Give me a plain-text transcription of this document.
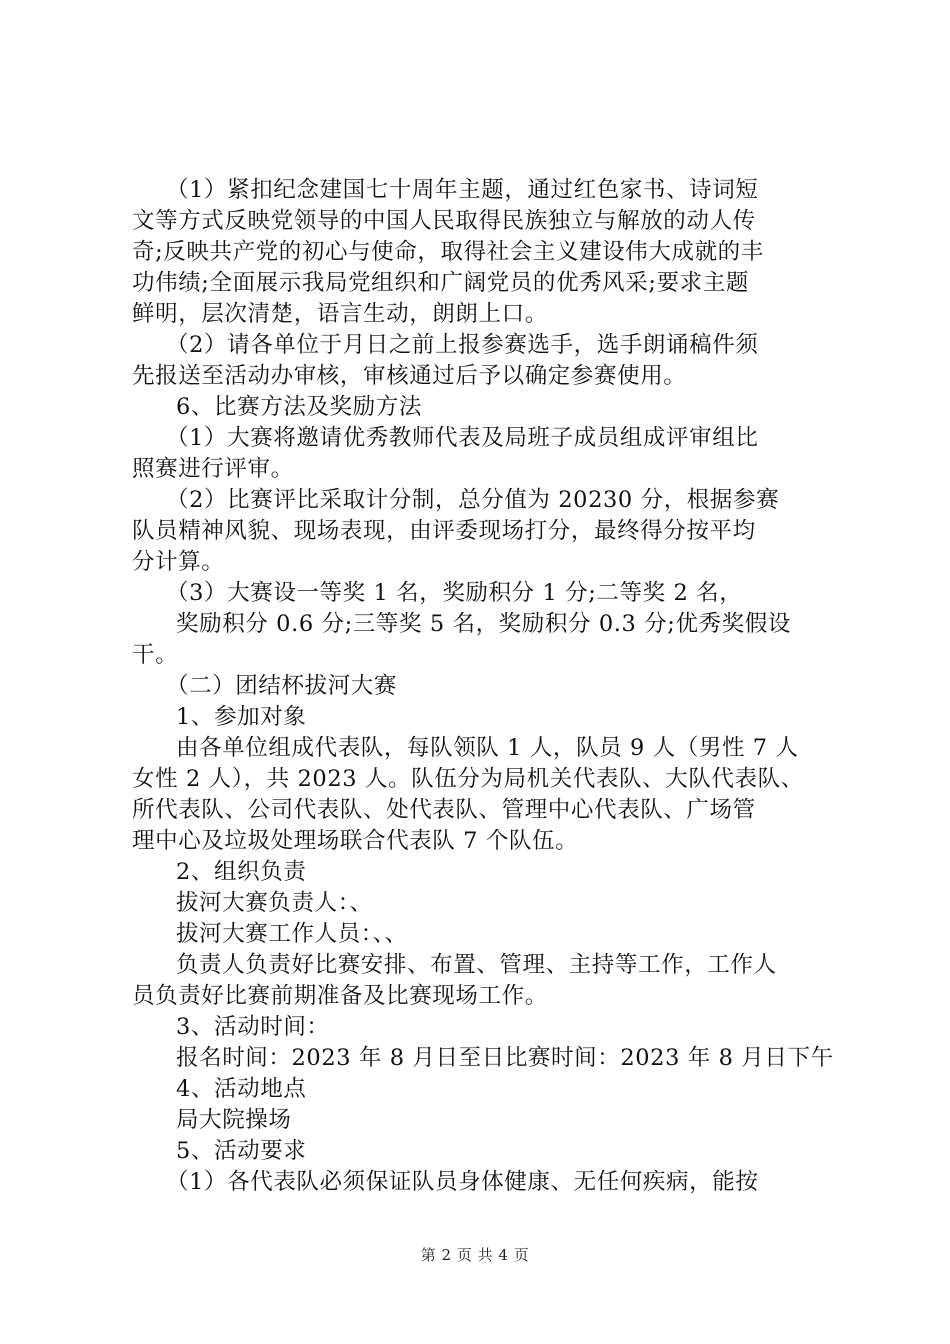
（1）紧扣纪念建国七十周年主题，通过红色家书、诗词短
文等方式反映党领导的中国人民取得民族独立与解放的动人传
奇;反映共产党的初心与使命，取得社会主义建设伟大成就的丰
功伟绩;全面展示我局党组织和广阔党员的优秀风采;要求主题
鲜明，层次清楚，语言生动，朗朗上口。
（2）请各单位于月日之前上报参赛选手，选手朗诵稿件须
先报送至活动办审核，审核通过后予以确定参赛使用。
6、比赛方法及奖励方法
（1）大赛将邀请优秀教师代表及局班子成员组成评审组比
照赛进行评审。
（2）比赛评比采取计分制，总分值为 20230 分，根据参赛
队员精神风貌、现场表现，由评委现场打分，最终得分按平均
分计算。
（3）大赛设一等奖 1 名，奖励积分 1 分;二等奖 2 名，
奖励积分 0.6 分;三等奖 5 名，奖励积分 0.3 分;优秀奖假设
干。
（二）团结杯拔河大赛
1、参加对象
由各单位组成代表队，每队领队 1 人，队员 9 人（男性 7 人
女性 2 人），共 2023 人。队伍分为局机关代表队、大队代表队、
所代表队、公司代表队、处代表队、管理中心代表队、广场管
理中心及垃圾处理场联合代表队 7 个队伍。
2、组织负责
拔河大赛负责人：、
拔河大赛工作人员：、、
负责人负责好比赛安排、布置、管理、主持等工作，工作人
员负责好比赛前期准备及比赛现场工作。
3、活动时间：
报名时间：2023 年 8 月日至日比赛时间：2023 年 8 月日下午
4、活动地点
局大院操场
5、活动要求
（1）各代表队必须保证队员身体健康、无任何疾病，能按
第 2 页 共 4 页
